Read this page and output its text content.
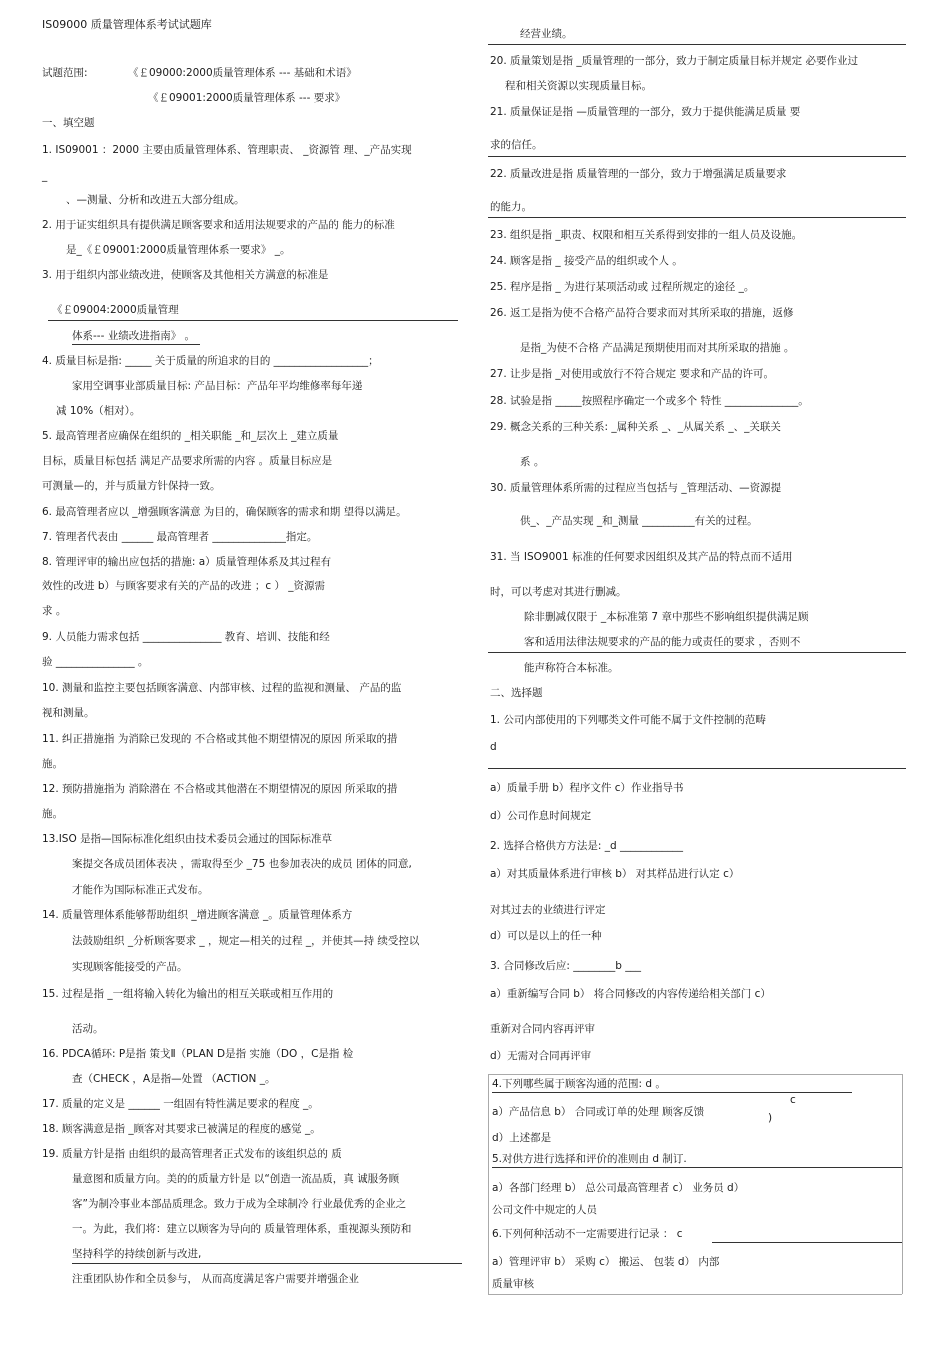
IS09000 质量管理体系考试试题库
试题范围:	《￡09000:2000质量管理体系 --- 基础和术语》
《￡09001:2000质量管理体系 --- 要求》
一、填空题
1. IS09001 ：2000 主要由质量管理体系、管理职责、 _资源管 理、_产品实现
_
、—测量、分析和改进五大部分组成。
2. 用于证实组织具有提供满足顾客要求和适用法规要求的产品的 能力的标准
是_《￡09001:2000质量管理体系一要求》 _。
3. 用于组织内部业绩改进，使顾客及其他相关方满意的标准是
《￡09004:2000质量管理
体系--- 业绩改进指南》 。
4. 质量目标是指: _____ 关于质量的所追求的目的 __________________；
家用空调事业部质量目标: 产品目标：产品年平均维修率每年递
减 10%（相对）。
5. 最高管理者应确保在组织的 _相关职能 _和_层次上 _建立质量
目标，质量目标包括 满足产品要求所需的内容 。质量目标应是
可测量—的，并与质量方针保持一致。
6. 最高管理者应以 _增强顾客满意 为目的，确保顾客的需求和期 望得以满足。
7. 管理者代表由 ______ 最高管理者 ______________指定。
8. 管理评审的输出应包括的措施: a）质量管理体系及其过程有
效性的改进 b）与顾客要求有关的产品的改进 ；c ） _资源需
求 。
9. 人员能力需求包括 _______________ 教育、培训、技能和经
验 _______________ 。
10. 测量和监控主要包括顾客满意、内部审核、过程的监视和测量、 产品的监
视和测量。
11. 纠正措施指 为消除已发现的 不合格或其他不期望情况的原因 所采取的措
施。
12. 预防措施指为 消除潜在 不合格或其他潜在不期望情况的原因 所采取的措
施。
13.ISO 是指—国际标准化组织由技术委员会通过的国际标准草
案提交各成员团体表决 ，需取得至少 _75 也参加表决的成员 团体的同意,
才能作为国际标准正式发布。
14. 质量管理体系能够帮助组织 _增进顾客满意 _。质量管理体系方
法鼓励组织 _分析顾客要求 _ ，规定—相关的过程 _，并使其—持 续受控以
实现顾客能接受的产品。
15. 过程是指 _一组将输入转化为输出的相互关联或相互作用的
活动。
16. PDCA循环: P是指 策戈Ⅱ（PLAN D是指 实施（DO ，C是指 检
查（CHECK ，A是指—处置 （ACTION _。
17. 质量的定义是 ______ 一组固有特性满足要求的程度 _。
18. 顾客满意是指 _顾客对其要求已被满足的程度的感觉 _。
19. 质量方针是指 由组织的最高管理者正式发布的该组织总的 质
量意图和质量方向。美的的质量方针是 以“创造一流品质，真 诚服务顾
客”为制冷事业本部品质理念。致力于成为全球制冷 行业最优秀的企业之
一。为此，我们将：建立以顾客为导向的 质量管理体系，重视源头预防和
坚持科学的持续创新与改进,
注重团队协作和全员参与， 从而高度满足客户需要并增强企业
经营业绩。
20. 质量策划是指 _质量管理的一部分，致力于制定质量目标并规定 必要作业过
程和相关资源以实现质量目标。
21. 质量保证是指 —质量管理的一部分，致力于提供能满足质量 要
求的信任。
22. 质量改进是指 质量管理的一部分，致力于增强满足质量要求
的能力。
23. 组织是指 _职责、权限和相互关系得到安排的一组人员及设施。
24. 顾客是指 _ 接受产品的组织或个人 。
25. 程序是指 _ 为进行某项活动或 过程所规定的途径 _。
26. 返工是指为使不合格产品符合要求而对其所采取的措施，返修
是指_为使不合格 产品满足预期使用而对其所采取的措施 。
27. 让步是指 _对使用或放行不符合规定 要求和产品的许可。
28. 试验是指 _____按照程序确定一个或多个 特性 ______________。
29. 概念关系的三种关系: _属种关系 _、_从属关系 _、_关联关
系 。
30. 质量管理体系所需的过程应当包括与 _管理活动、—资源提
供_、_产品实现 _和_测量 __________有关的过程。
31. 当 ISO9001 标准的任何要求因组织及其产品的特点而不适用
时，可以考虑对其进行删减。
除非删减仅限于 _本标准第 7 章中那些不影响组织提供满足顾
客和适用法律法规要求的产品的能力或责任的要求 ，否则不
能声称符合本标准。
二、选择题
1. 公司内部使用的下列哪类文件可能不属于文件控制的范畴
d
a）质量手册 b）程序文件 c）作业指导书
d）公司作息时间规定
2. 选择合格供方方法是: _d ____________
a）对其质量体系进行审核 b） 对其样品进行认定 c）
对其过去的业绩进行评定
d）可以是以上的任一种
3. 合同修改后应: ________b ___
a）重新编写合同 b） 将合同修改的内容传递给相关部门 c）
重新对合同内容再评审
d）无需对合同再评审
4.下列哪些属于顾客沟通的范围: d 。
a）产品信息 b） 合同或订单的处理 顾客反馈
c
)
d）上述都是
5.对供方进行选择和评价的准则由 d 制订.
a）各部门经理 b） 总公司最高管理者 c） 业务员 d）
公司文件中规定的人员
6.下列何种活动不一定需要进行记录 ： c
a）管理评审 b） 采购 c） 搬运、 包装 d） 内部
质量审核
